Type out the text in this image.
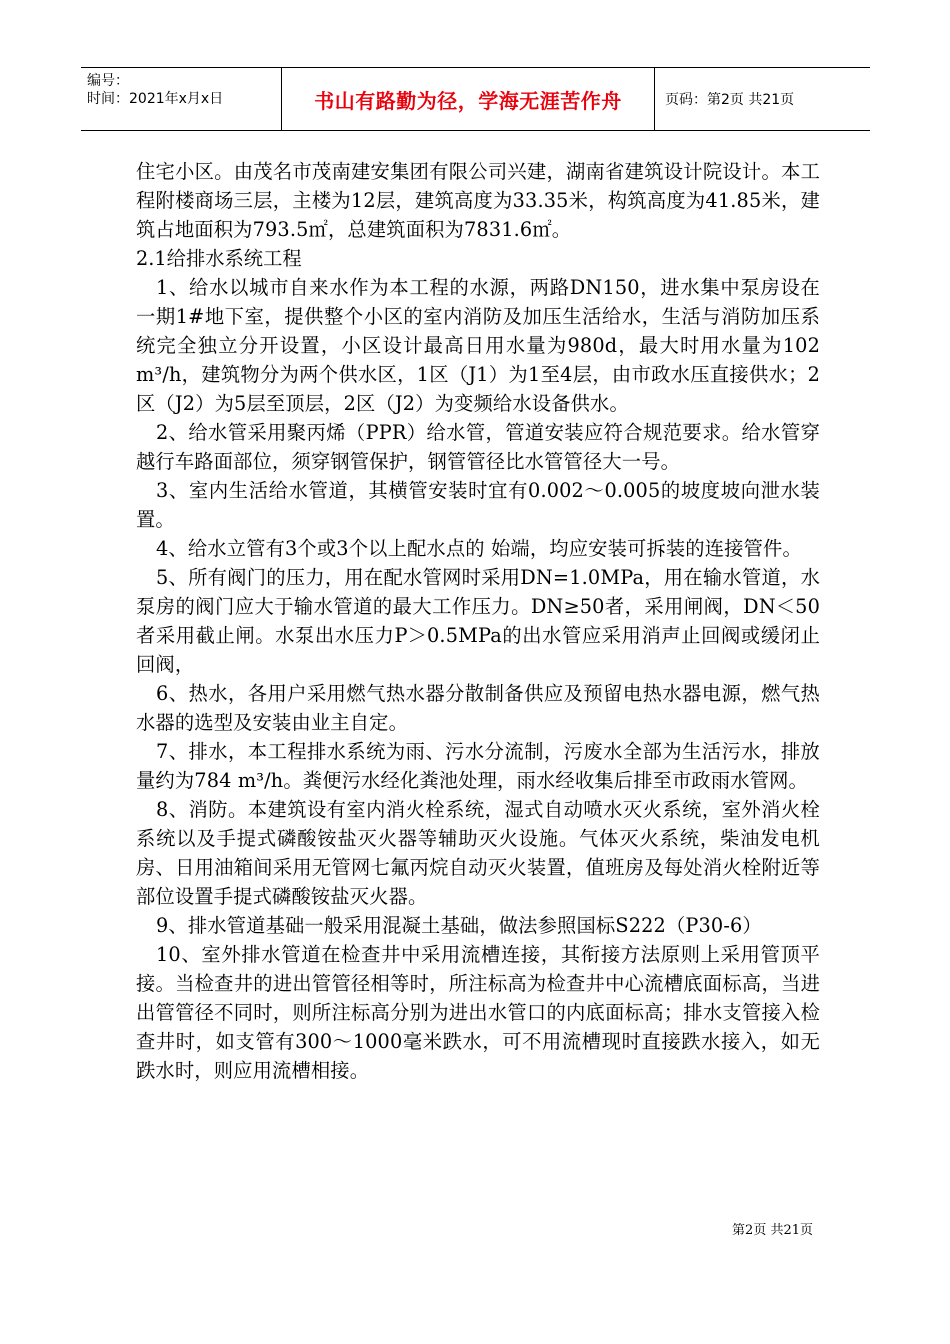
编号：
时间：2021年x月x日	书山有路勤为径，学海无涯苦作舟	页码：第2页 共21页

住宅小区。由茂名市茂南建安集团有限公司兴建，湖南省建筑设计院设计。本工程附楼商场三层，主楼为12层，建筑高度为33.35米，构筑高度为41.85米，建筑占地面积为793.5㎡，总建筑面积为7831.6㎡。

2.1给排水系统工程

1、给水以城市自来水作为本工程的水源，两路DN150，进水集中泵房设在一期1#地下室，提供整个小区的室内消防及加压生活给水，生活与消防加压系统完全独立分开设置，小区设计最高日用水量为980d，最大时用水量为102 m³/h，建筑物分为两个供水区，1区（J1）为1至4层，由市政水压直接供水；2区（J2）为5层至顶层，2区（J2）为变频给水设备供水。

2、给水管采用聚丙烯（PPR）给水管，管道安装应符合规范要求。给水管穿越行车路面部位，须穿钢管保护，钢管管径比水管管径大一号。

3、室内生活给水管道，其横管安装时宜有0.002～0.005的坡度坡向泄水装置。

4、给水立管有3个或3个以上配水点的 始端，均应安装可拆装的连接管件。

5、所有阀门的压力，用在配水管网时采用DN=1.0MPa，用在输水管道，水泵房的阀门应大于输水管道的最大工作压力。DN≥50者，采用闸阀，DN＜50者采用截止闸。水泵出水压力P＞0.5MPa的出水管应采用消声止回阀或缓闭止回阀，

6、热水，各用户采用燃气热水器分散制备供应及预留电热水器电源，燃气热水器的选型及安装由业主自定。

7、排水，本工程排水系统为雨、污水分流制，污废水全部为生活污水，排放量约为784 m³/h。粪便污水经化粪池处理，雨水经收集后排至市政雨水管网。

8、消防。本建筑设有室内消火栓系统，湿式自动喷水灭火系统，室外消火栓系统以及手提式磷酸铵盐灭火器等辅助灭火设施。气体灭火系统，柴油发电机房、日用油箱间采用无管网七氟丙烷自动灭火装置，值班房及每处消火栓附近等部位设置手提式磷酸铵盐灭火器。

9、排水管道基础一般采用混凝土基础，做法参照国标S222（P30-6）

10、室外排水管道在检查井中采用流槽连接，其衔接方法原则上采用管顶平接。当检查井的进出管管径相等时，所注标高为检查井中心流槽底面标高，当进出管管径不同时，则所注标高分别为进出水管口的内底面标高；排水支管接入检查井时，如支管有300～1000毫米跌水，可不用流槽现时直接跌水接入，如无跌水时，则应用流槽相接。

第2页 共21页
